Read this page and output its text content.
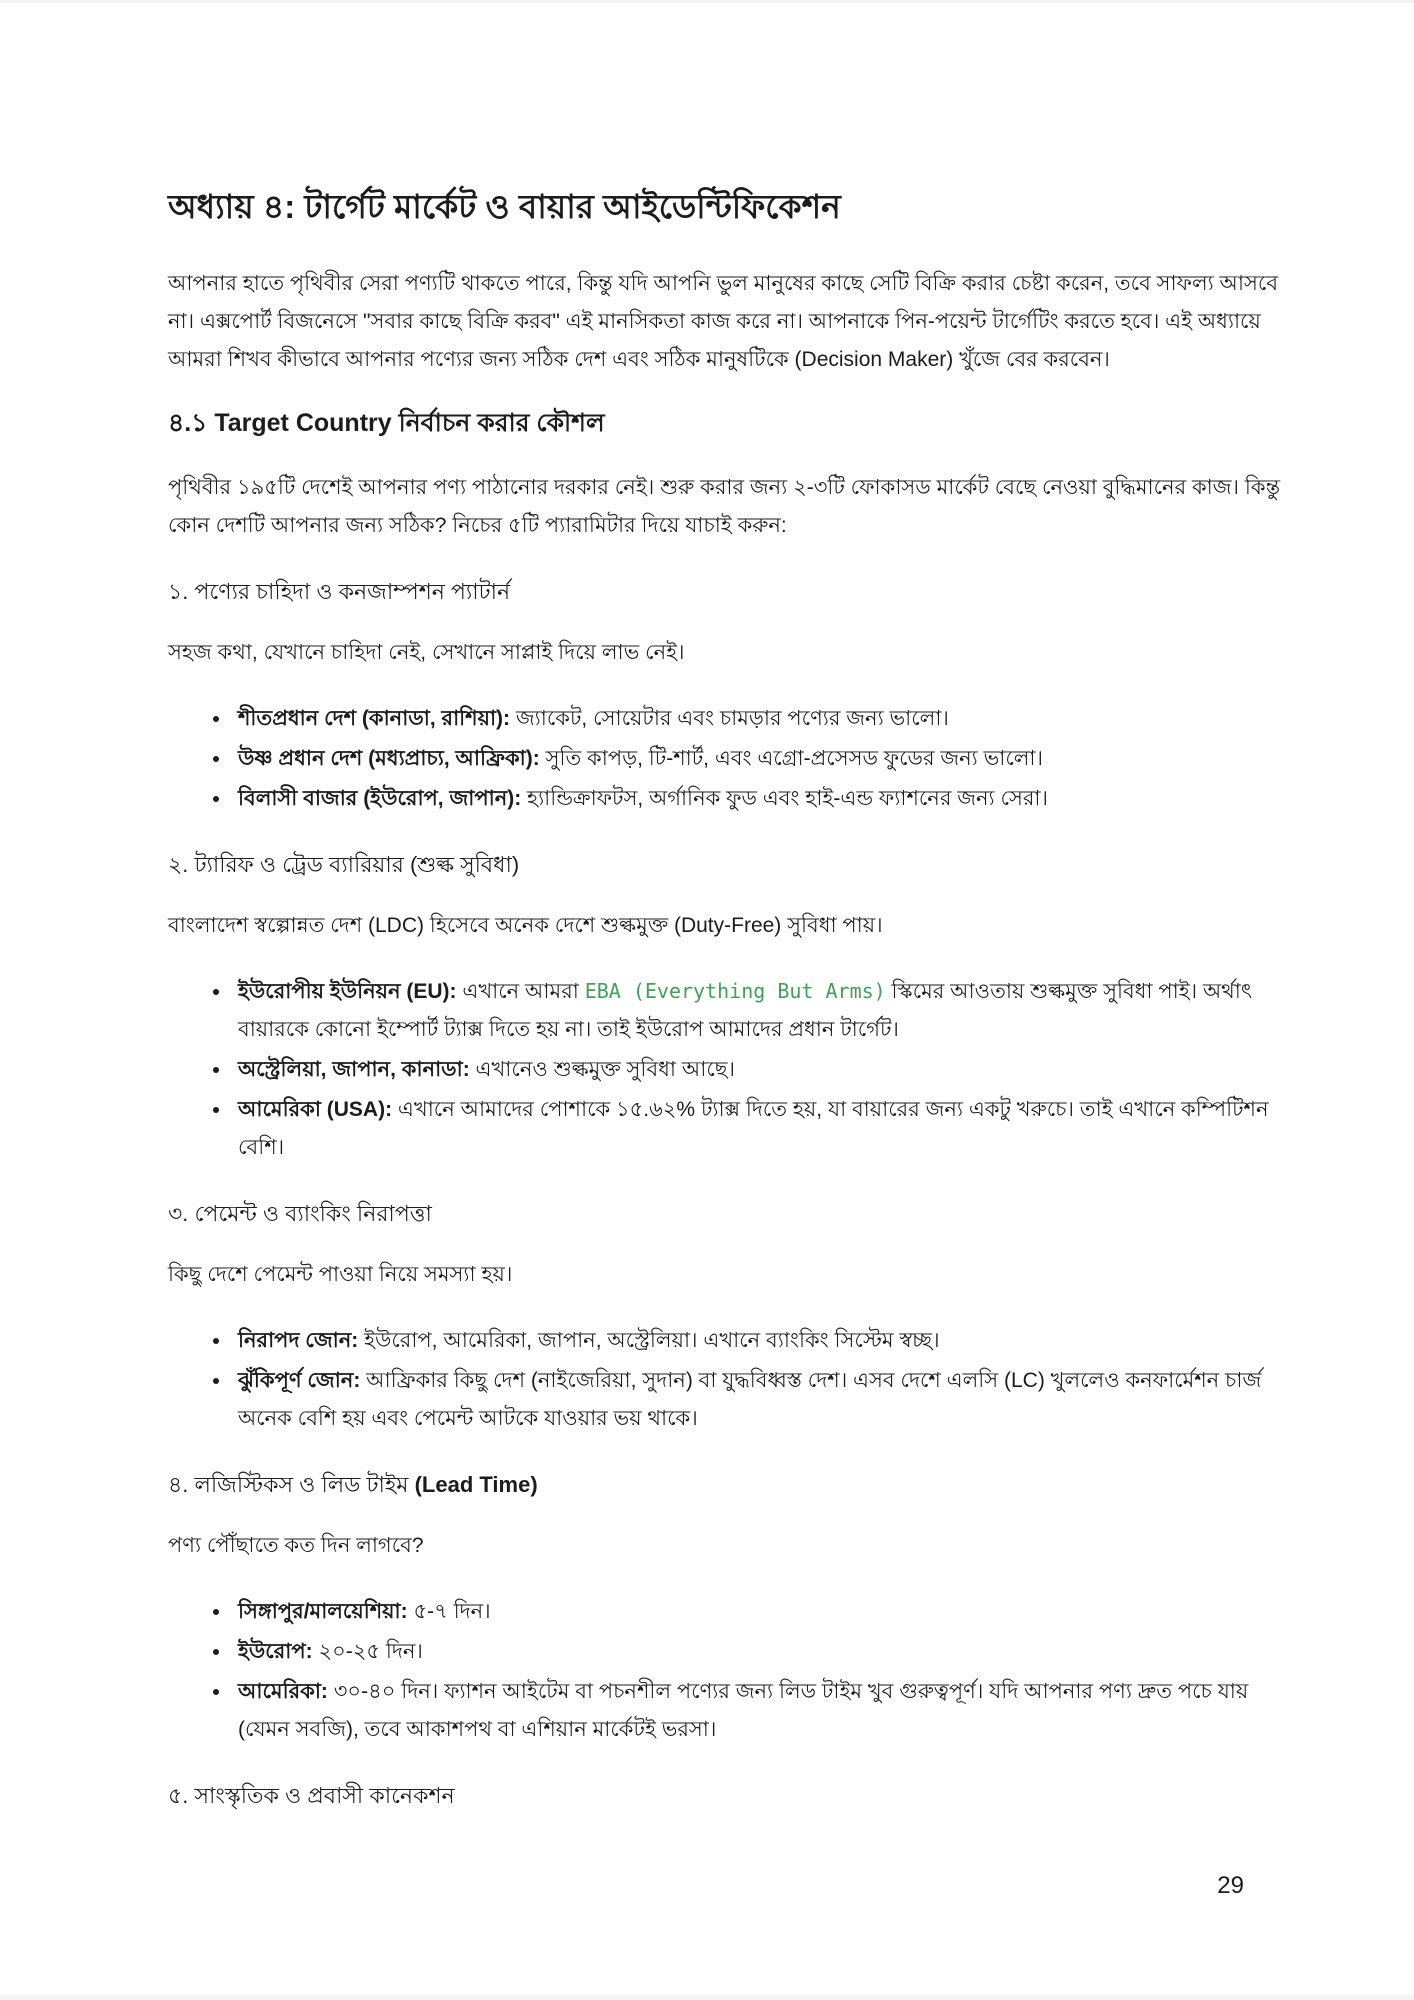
অধ্যায় ৪: টার্গেট মার্কেট ও বায়ার আইডেন্টিফিকেশন

আপনার হাতে পৃথিবীর সেরা পণ্যটি থাকতে পারে, কিন্তু যদি আপনি ভুল মানুষের কাছে সেটি বিক্রি করার চেষ্টা করেন, তবে সাফল্য আসবে না। এক্সপোর্ট বিজনেসে "সবার কাছে বিক্রি করব" এই মানসিকতা কাজ করে না। আপনাকে পিন-পয়েন্ট টার্গেটিং করতে হবে। এই অধ্যায়ে আমরা শিখব কীভাবে আপনার পণ্যের জন্য সঠিক দেশ এবং সঠিক মানুষটিকে (Decision Maker) খুঁজে বের করবেন।

৪.১ Target Country নির্বাচন করার কৌশল

পৃথিবীর ১৯৫টি দেশেই আপনার পণ্য পাঠানোর দরকার নেই। শুরু করার জন্য ২-৩টি ফোকাসড মার্কেট বেছে নেওয়া বুদ্ধিমানের কাজ। কিন্তু কোন দেশটি আপনার জন্য সঠিক? নিচের ৫টি প্যারামিটার দিয়ে যাচাই করুন:

১. পণ্যের চাহিদা ও কনজাম্পশন প্যাটার্ন

সহজ কথা, যেখানে চাহিদা নেই, সেখানে সাপ্লাই দিয়ে লাভ নেই।

• শীতপ্রধান দেশ (কানাডা, রাশিয়া): জ্যাকেট, সোয়েটার এবং চামড়ার পণ্যের জন্য ভালো।
• উষ্ণ প্রধান দেশ (মধ্যপ্রাচ্য, আফ্রিকা): সুতি কাপড়, টি-শার্ট, এবং এগ্রো-প্রসেসড ফুডের জন্য ভালো।
• বিলাসী বাজার (ইউরোপ, জাপান): হ্যান্ডিক্রাফটস, অর্গানিক ফুড এবং হাই-এন্ড ফ্যাশনের জন্য সেরা।
২. ট্যারিফ ও ট্রেড ব্যারিয়ার (শুল্ক সুবিধা)

বাংলাদেশ স্বল্পোন্নত দেশ (LDC) হিসেবে অনেক দেশে শুল্কমুক্ত (Duty-Free) সুবিধা পায়।

• ইউরোপীয় ইউনিয়ন (EU): এখানে আমরা EBA (Everything But Arms) স্কিমের আওতায় শুল্কমুক্ত সুবিধা পাই। অর্থাৎ বায়ারকে কোনো ইম্পোর্ট ট্যাক্স দিতে হয় না। তাই ইউরোপ আমাদের প্রধান টার্গেট।
• অস্ট্রেলিয়া, জাপান, কানাডা: এখানেও শুল্কমুক্ত সুবিধা আছে।
• আমেরিকা (USA): এখানে আমাদের পোশাকে ১৫.৬২% ট্যাক্স দিতে হয়, যা বায়ারের জন্য একটু খরুচে। তাই এখানে কম্পিটিশন বেশি।
৩. পেমেন্ট ও ব্যাংকিং নিরাপত্তা

কিছু দেশে পেমেন্ট পাওয়া নিয়ে সমস্যা হয়।

• নিরাপদ জোন: ইউরোপ, আমেরিকা, জাপান, অস্ট্রেলিয়া। এখানে ব্যাংকিং সিস্টেম স্বচ্ছ।
• ঝুঁকিপূর্ণ জোন: আফ্রিকার কিছু দেশ (নাইজেরিয়া, সুদান) বা যুদ্ধবিধ্বস্ত দেশ। এসব দেশে এলসি (LC) খুললেও কনফার্মেশন চার্জ অনেক বেশি হয় এবং পেমেন্ট আটকে যাওয়ার ভয় থাকে।
৪. লজিস্টিকস ও লিড টাইম (Lead Time)

পণ্য পৌঁছাতে কত দিন লাগবে?

• সিঙ্গাপুর/মালয়েশিয়া: ৫-৭ দিন।
• ইউরোপ: ২০-২৫ দিন।
• আমেরিকা: ৩০-৪০ দিন। ফ্যাশন আইটেম বা পচনশীল পণ্যের জন্য লিড টাইম খুব গুরুত্বপূর্ণ। যদি আপনার পণ্য দ্রুত পচে যায় (যেমন সবজি), তবে আকাশপথ বা এশিয়ান মার্কেটই ভরসা।
৫. সাংস্কৃতিক ও প্রবাসী কানেকশন
29
